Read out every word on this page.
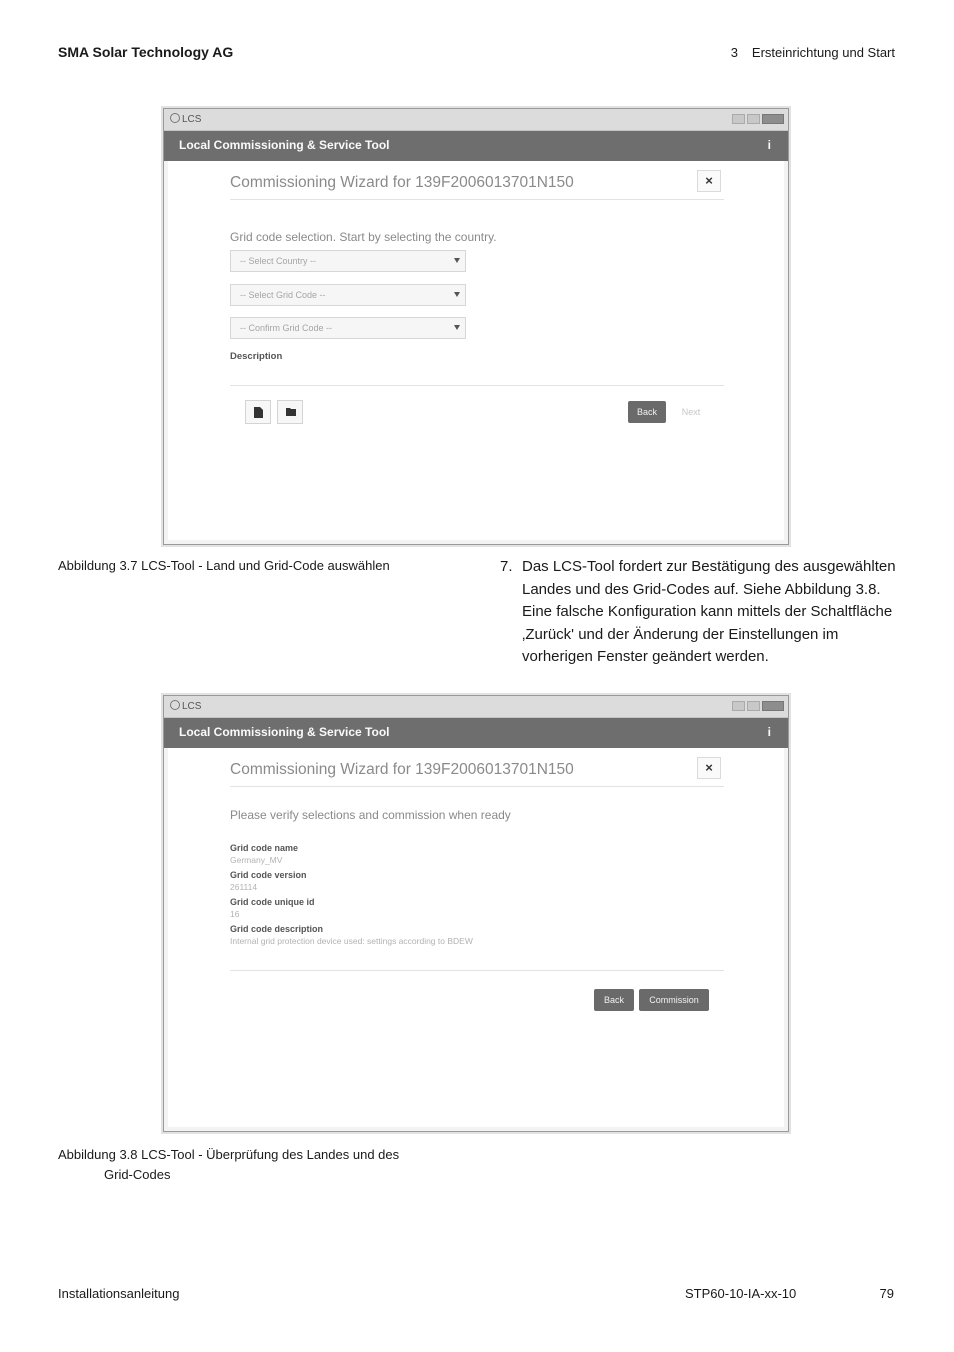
SMA Solar Technology AG	3 Ersteinrichtung und Start
LCS
Local Commissioning & Service Tool	i
Commissioning Wizard for 139F2006013701N150	×
Grid code selection. Start by selecting the country.
-- Select Country --
-- Select Grid Code --
-- Confirm Grid Code --
Description
Back	Next
Abbildung 3.7 LCS-Tool - Land und Grid-Code auswählen	7. Das LCS-Tool fordert zur Bestätigung des ausgewählten Landes und des Grid-Codes auf. Siehe Abbildung 3.8. Eine falsche Konfiguration kann mittels der Schaltfläche ‚Zurück' und der Änderung der Einstellungen im vorherigen Fenster geändert werden.
LCS
Local Commissioning & Service Tool	i
Commissioning Wizard for 139F2006013701N150	×
Please verify selections and commission when ready
Grid code name
Germany_MV
Grid code version
261114
Grid code unique id
16
Grid code description
Internal grid protection device used: settings according to BDEW
Back	Commission
Abbildung 3.8 LCS-Tool - Überprüfung des Landes und des
Grid-Codes
Installationsanleitung	STP60-10-IA-xx-10	79
